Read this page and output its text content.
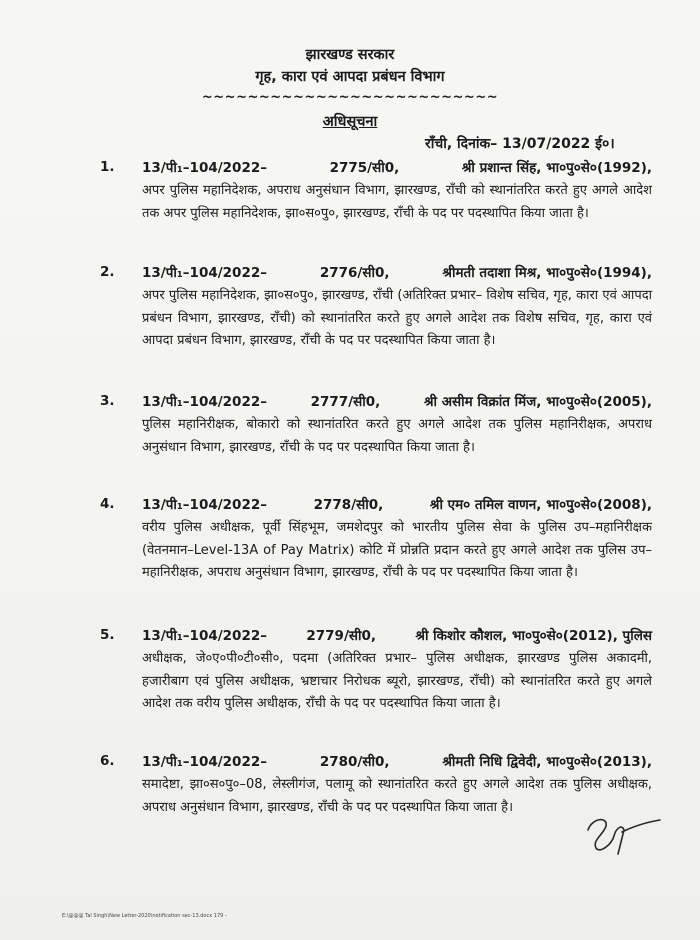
झारखण्ड सरकार
गृह, कारा एवं आपदा प्रबंधन विभाग
~~~~~~~~~~~~~~~~~~~~~~~~~~
अधिसूचना
राँची, दिनांक– 13/07/2022 ई०।
1. 13/पी₁–104/2022–	2775/सी0,	श्री प्रशान्त सिंह, भा०पु०से०(1992),
अपर पुलिस महानिदेशक, अपराध अनुसंधान विभाग, झारखण्ड, राँची को स्थानांतरित करते हुए अगले आदेश तक अपर पुलिस महानिदेशक, झा०स०पु०, झारखण्ड, राँची के पद पर पदस्थापित किया जाता है।
2. 13/पी₁–104/2022–	2776/सी0,	श्रीमती तदाशा मिश्र, भा०पु०से०(1994),
अपर पुलिस महानिदेशक, झा०स०पु०, झारखण्ड, राँची (अतिरिक्त प्रभार– विशेष सचिव, गृह, कारा एवं आपदा प्रबंधन विभाग, झारखण्ड, राँची) को स्थानांतरित करते हुए अगले आदेश तक विशेष सचिव, गृह, कारा एवं आपदा प्रबंधन विभाग, झारखण्ड, राँची के पद पर पदस्थापित किया जाता है।
3. 13/पी₁–104/2022–	2777/सी0,	श्री असीम विक्रांत मिंज, भा०पु०से०(2005),
पुलिस महानिरीक्षक, बोकारो को स्थानांतरित करते हुए अगले आदेश तक पुलिस महानिरीक्षक, अपराध अनुसंधान विभाग, झारखण्ड, राँची के पद पर पदस्थापित किया जाता है।
4. 13/पी₁–104/2022–	2778/सी0,	श्री एम० तमिल वाणन, भा०पु०से०(2008),
वरीय पुलिस अधीक्षक, पूर्वी सिंहभूम, जमशेदपुर को भारतीय पुलिस सेवा के पुलिस उप–महानिरीक्षक (वेतनमान–Level-13A of Pay Matrix) कोटि में प्रोन्नति प्रदान करते हुए अगले आदेश तक पुलिस उप–महानिरीक्षक, अपराध अनुसंधान विभाग, झारखण्ड, राँची के पद पर पदस्थापित किया जाता है।
5. 13/पी₁–104/2022–	2779/सी0,	श्री किशोर कौशल, भा०पु०से०(2012), पुलिस
अधीक्षक, जे०ए०पी०टी०सी०, पदमा (अतिरिक्त प्रभार– पुलिस अधीक्षक, झारखण्ड पुलिस अकादमी, हजारीबाग एवं पुलिस अधीक्षक, भ्रष्टाचार निरोधक ब्यूरो, झारखण्ड, राँची) को स्थानांतरित करते हुए अगले आदेश तक वरीय पुलिस अधीक्षक, राँची के पद पर पदस्थापित किया जाता है।
6. 13/पी₁–104/2022–	2780/सी0,	श्रीमती निधि द्विवेदी, भा०पु०से०(2013),
समादेष्टा, झा०स०पु०–08, लेस्लीगंज, पलामू को स्थानांतरित करते हुए अगले आदेश तक पुलिस अधीक्षक, अपराध अनुसंधान विभाग, झारखण्ड, राँची के पद पर पदस्थापित किया जाता है।
E:\@@@ Tal Singh\New Letter-2020\notification sec-13.docx 179 -
